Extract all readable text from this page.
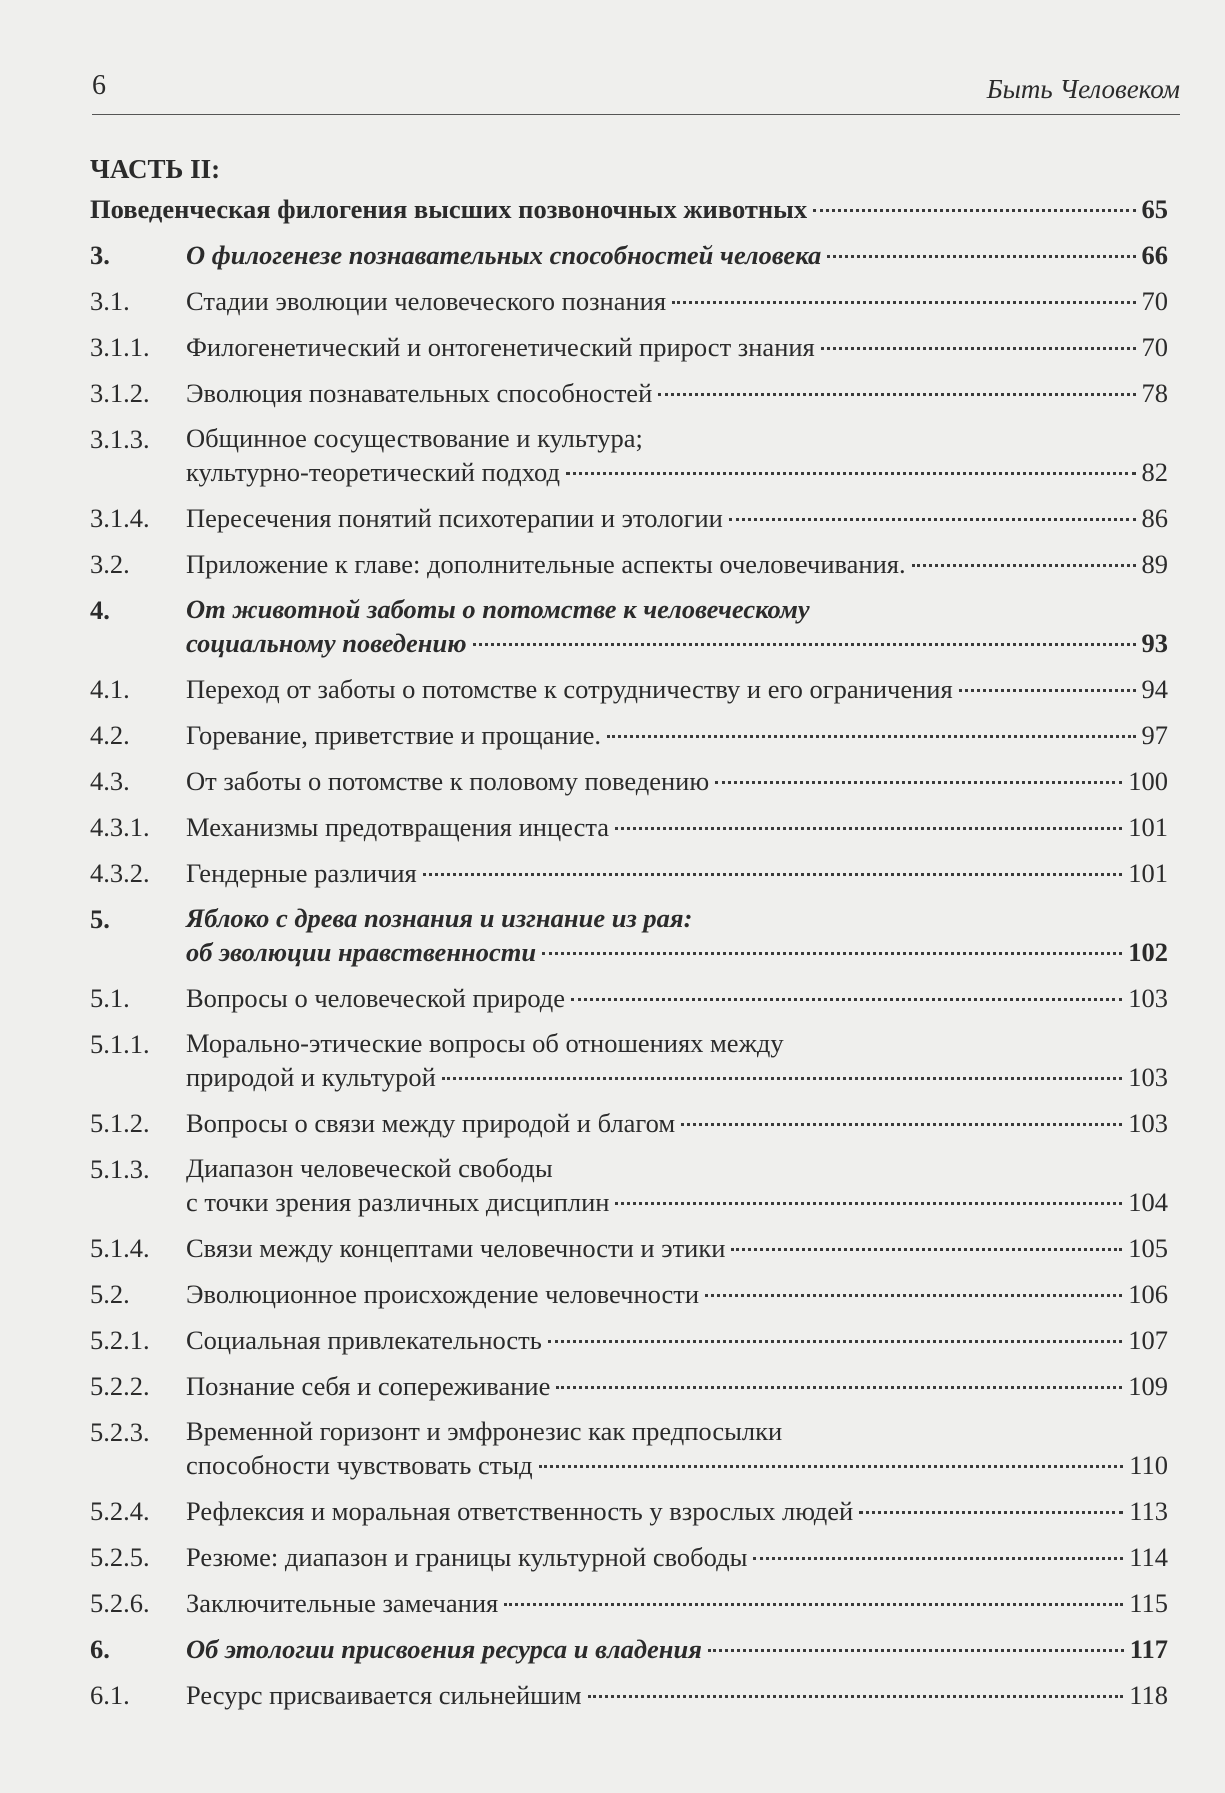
6	Быть Человеком
ЧАСТЬ II:
Поведенческая филогения высших позвоночных животных	65
3.	О филогенезе познавательных способностей человека	66
3.1. Стадии эволюции человеческого познания	70
3.1.1. Филогенетический и онтогенетический прирост знания	70
3.1.2. Эволюция познавательных способностей	78
3.1.3. Общинное сосуществование и культура;
культурно-теоретический подход	82
3.1.4. Пересечения понятий психотерапии и этологии	86
3.2. Приложение к главе: дополнительные аспекты очеловечивания.	89
4.	От животной заботы о потомстве к человеческому
социальному поведению	93
4.1. Переход от заботы о потомстве к сотрудничеству и его ограничения	94
4.2. Горевание, приветствие и прощание.	97
4.3. От заботы о потомстве к половому поведению	100
4.3.1. Механизмы предотвращения инцеста	101
4.3.2. Гендерные различия	101
5.	Яблоко с древа познания и изгнание из рая:
об эволюции нравственности	102
5.1. Вопросы о человеческой природе	103
5.1.1. Морально-этические вопросы об отношениях между
природой и культурой	103
5.1.2. Вопросы о связи между природой и благом	103
5.1.3. Диапазон человеческой свободы
с точки зрения различных дисциплин	104
5.1.4. Связи между концептами человечности и этики	105
5.2. Эволюционное происхождение человечности	106
5.2.1. Социальная привлекательность	107
5.2.2. Познание себя и сопереживание	109
5.2.3. Временной горизонт и эмфронезис как предпосылки
способности чувствовать стыд	110
5.2.4. Рефлексия и моральная ответственность у взрослых людей	113
5.2.5. Резюме: диапазон и границы культурной свободы	114
5.2.6. Заключительные замечания	115
6.	Об этологии присвоения ресурса и владения	117
6.1. Ресурс присваивается сильнейшим	118
